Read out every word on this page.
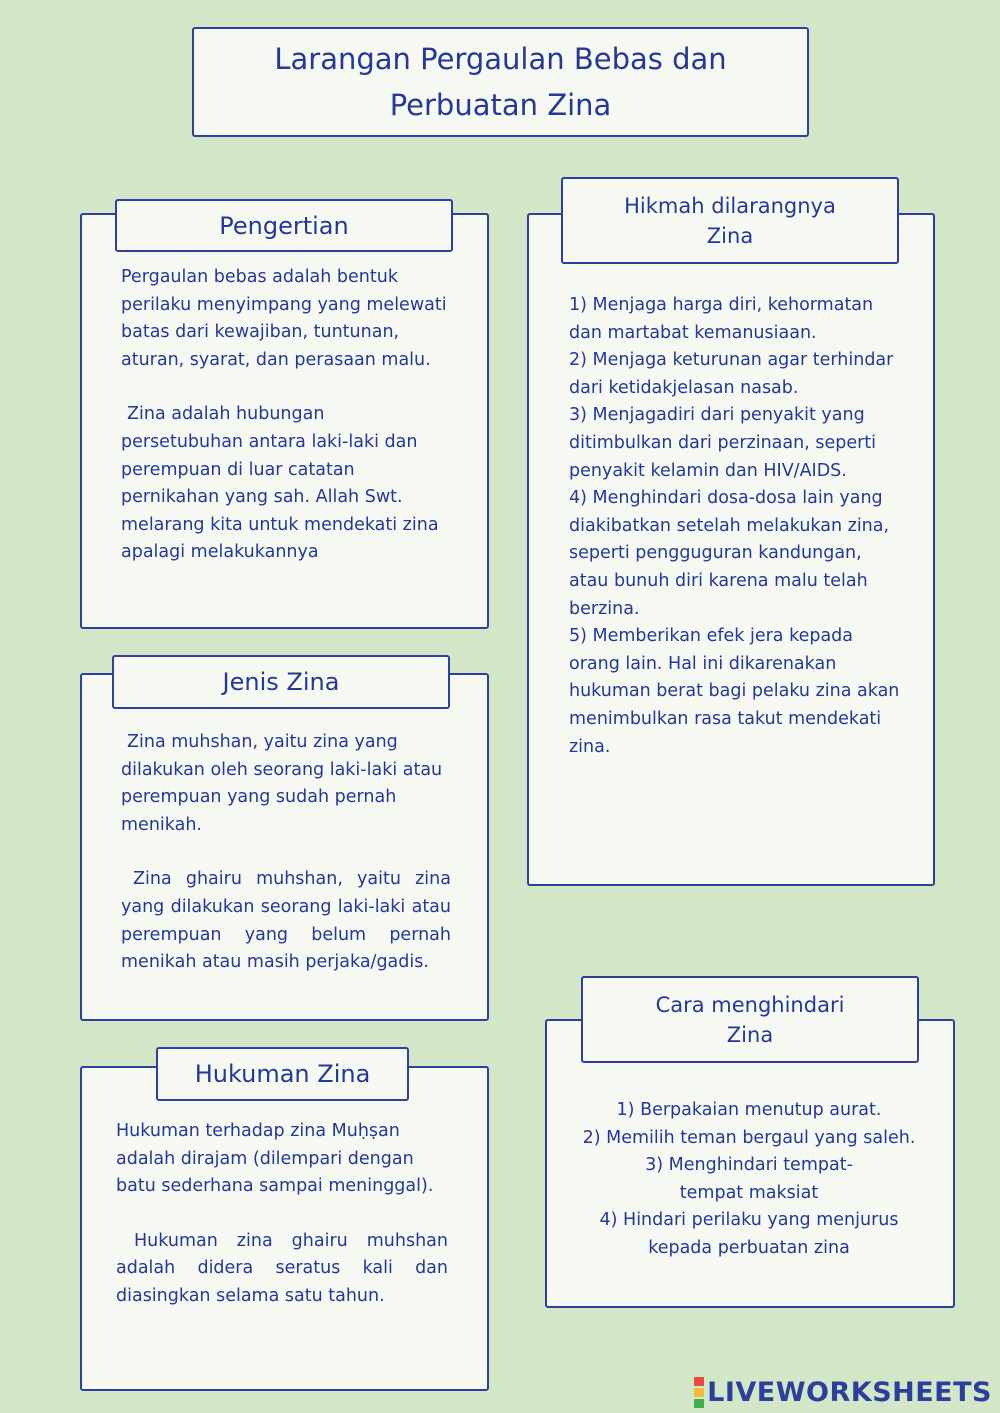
Larangan Pergaulan Bebas dan
Perbuatan Zina
Pengertian

Pergaulan bebas adalah bentuk perilaku menyimpang yang melewati batas dari kewajiban, tuntunan, aturan, syarat, dan perasaan malu.

Zina adalah hubungan persetubuhan antara laki-laki dan perempuan di luar catatan pernikahan yang sah. Allah Swt. melarang kita untuk mendekati zina apalagi melakukannya

Jenis Zina

Zina muhshan, yaitu zina yang dilakukan oleh seorang laki-laki atau perempuan yang sudah pernah menikah.

Zina ghairu muhshan, yaitu zina yang dilakukan seorang laki-laki atau perempuan yang belum pernah menikah atau masih perjaka/gadis.

Hukuman Zina

Hukuman terhadap zina Muḥṣan adalah dirajam (dilempari dengan batu sederhana sampai meninggal).

Hukuman zina ghairu muhshan adalah didera seratus kali dan diasingkan selama satu tahun.

Hikmah dilarangnya
Zina

1) Menjaga harga diri, kehormatan dan martabat kemanusiaan.

2) Menjaga keturunan agar terhindar dari ketidakjelasan nasab.

3) Menjagadiri dari penyakit yang ditimbulkan dari perzinaan, seperti penyakit kelamin dan HIV/AIDS.

4) Menghindari dosa-dosa lain yang diakibatkan setelah melakukan zina, seperti pengguguran kandungan, atau bunuh diri karena malu telah berzina.

5) Memberikan efek jera kepada orang lain. Hal ini dikarenakan hukuman berat bagi pelaku zina akan menimbulkan rasa takut mendekati zina.

Cara menghindari
Zina

1) Berpakaian menutup aurat.

2) Memilih teman bergaul yang saleh.

3) Menghindari tempat-tempat maksiat

4) Hindari perilaku yang menjurus kepada perbuatan zina

LIVEWORKSHEETS
